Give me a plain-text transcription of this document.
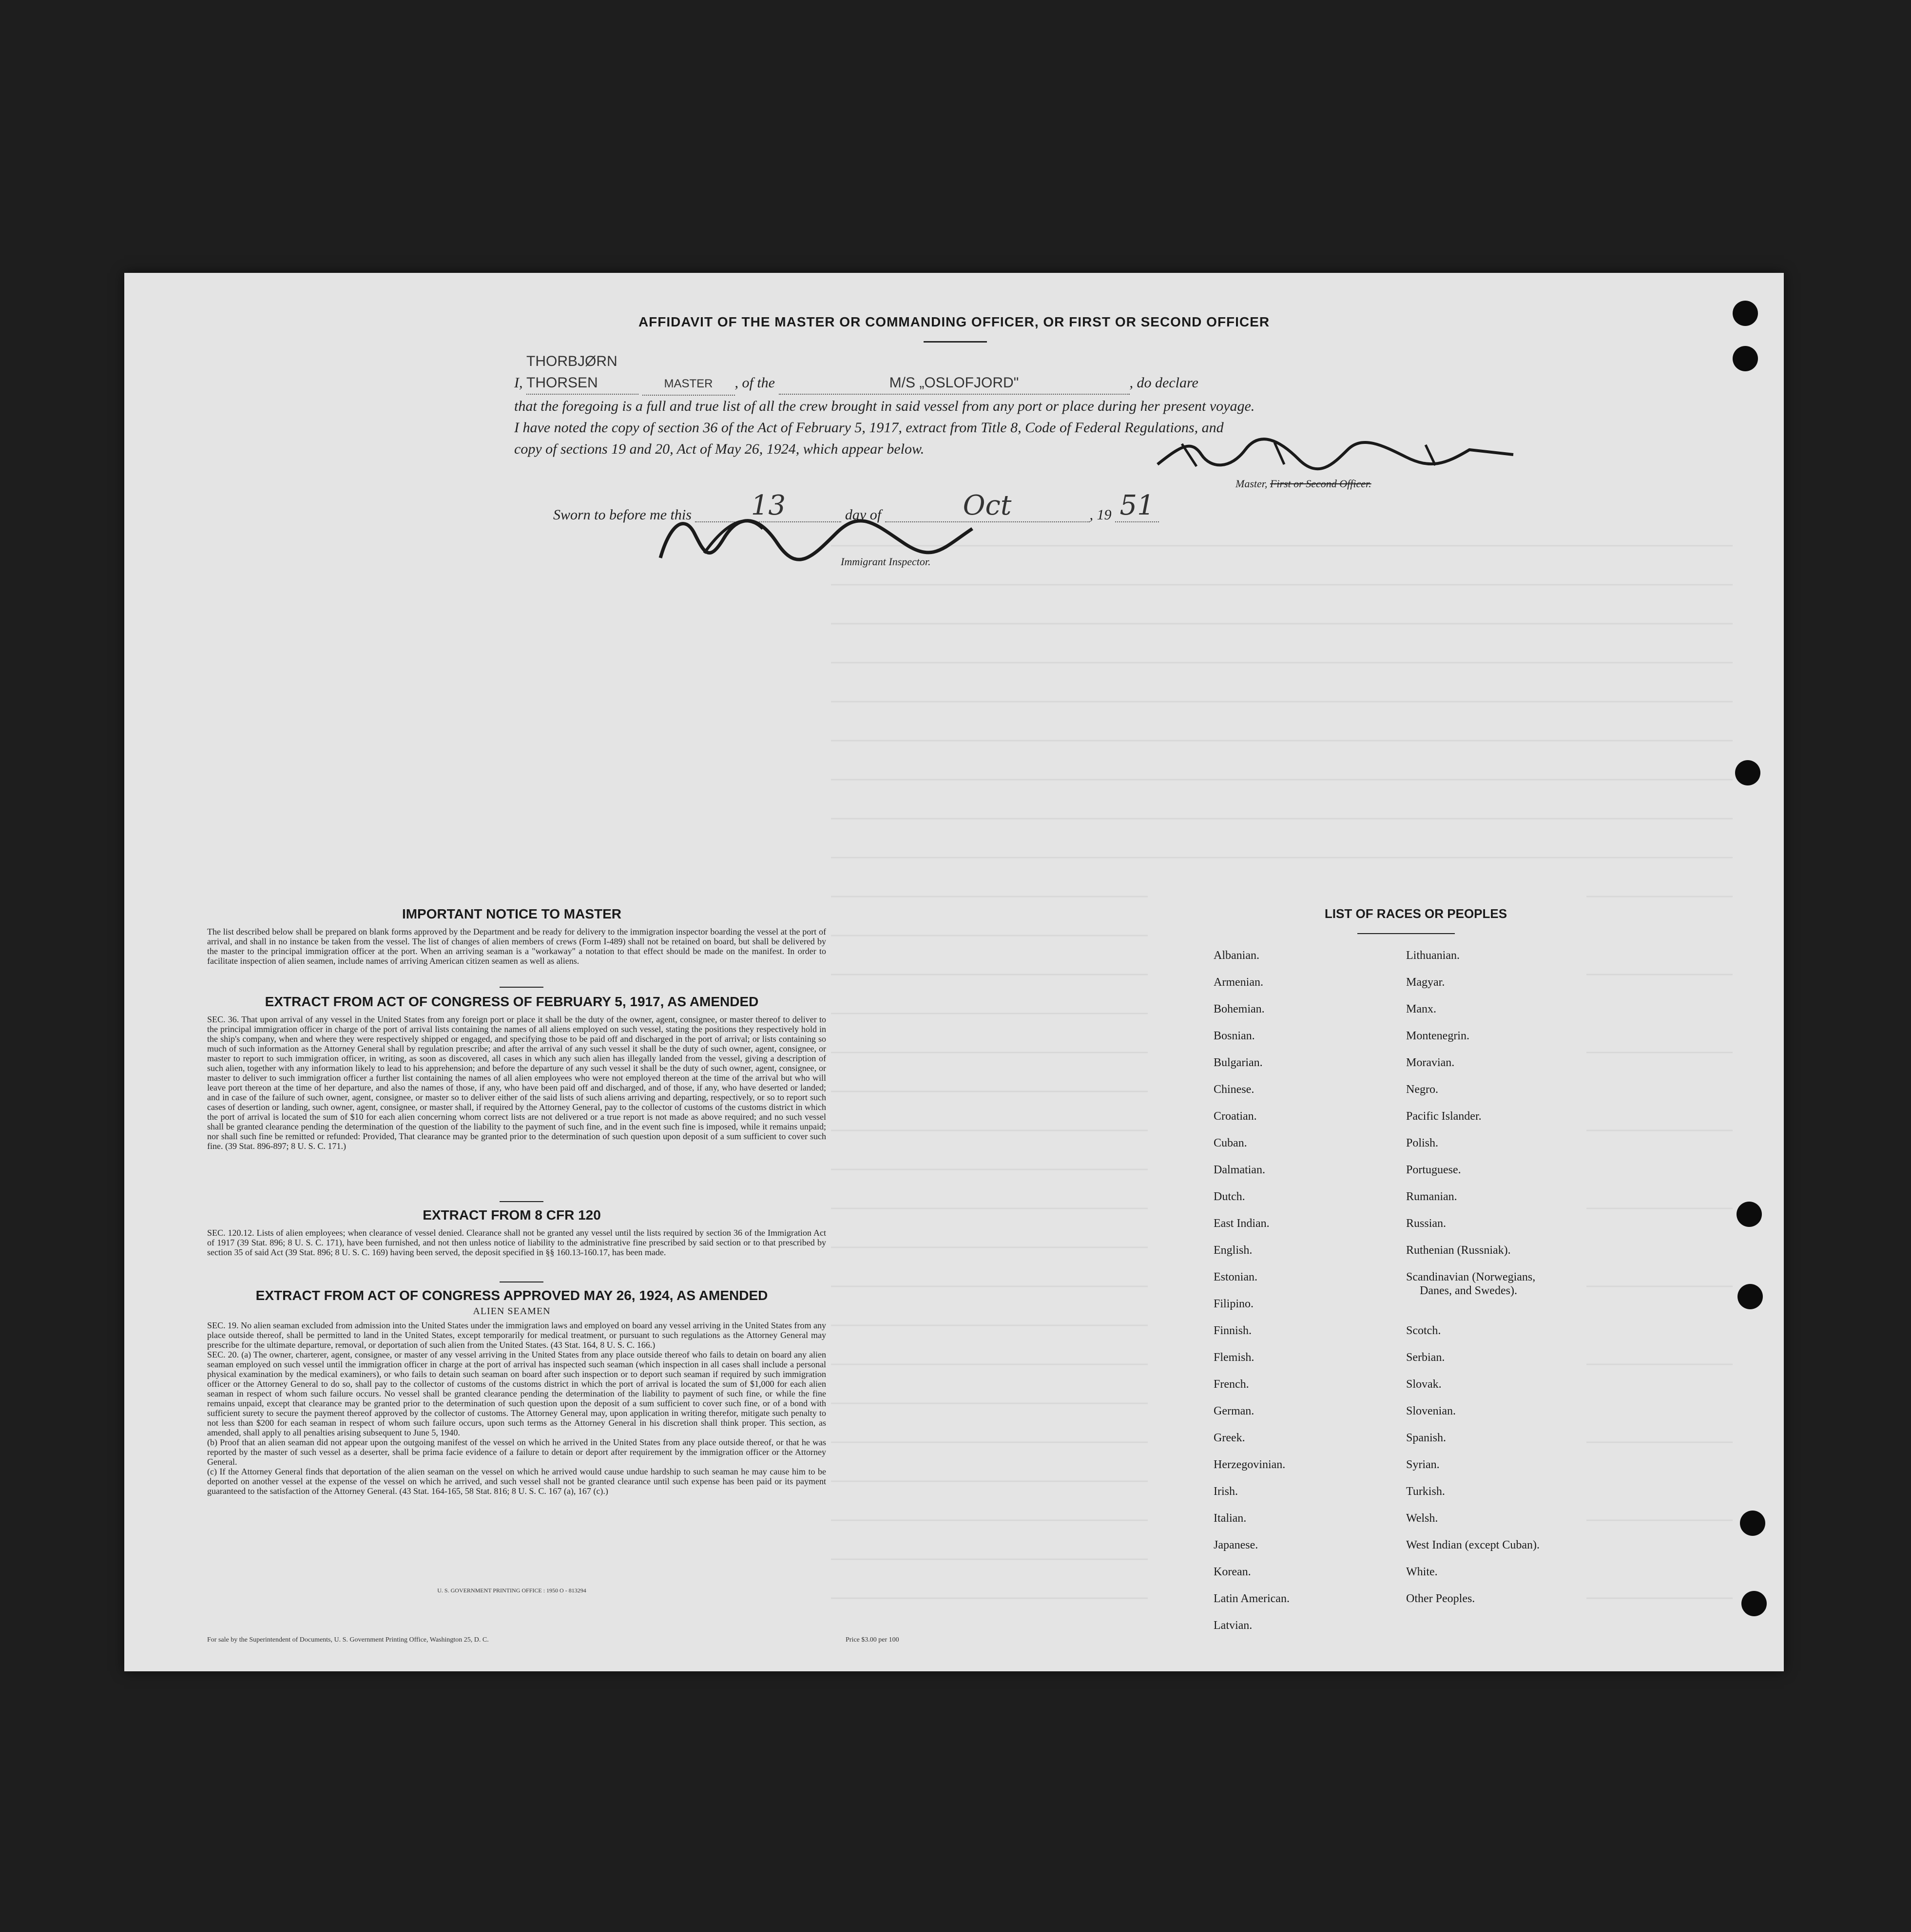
AFFIDAVIT OF THE MASTER OR COMMANDING OFFICER, OR FIRST OR SECOND OFFICER
I, THORBJØRN THORSEN	MASTER , of the	M/S „OSLOFJORD"	, do declare
that the foregoing is a full and true list of all the crew brought in said vessel from any port or place during her present voyage.
I have noted the copy of section 36 of the Act of February 5, 1917, extract from Title 8, Code of Federal Regulations, and
copy of sections 19 and 20, Act of May 26, 1924, which appear below.
Master, First or Second Officer.
Sworn to before me this 13	day of	Oct	, 19 51
Immigrant Inspector.
IMPORTANT NOTICE TO MASTER
The list described below shall be prepared on blank forms approved by the Department and be ready for delivery to the immigration inspector boarding the vessel at the port of arrival, and shall in no instance be taken from the vessel. The list of changes of alien members of crews (Form I-489) shall not be retained on board, but shall be delivered by the master to the principal immigration officer at the port. When an arriving seaman is a "workaway" a notation to that effect should be made on the manifest. In order to facilitate inspection of alien seamen, include names of arriving American citizen seamen as well as aliens.
EXTRACT FROM ACT OF CONGRESS OF FEBRUARY 5, 1917, AS AMENDED
SEC. 36. That upon arrival of any vessel in the United States from any foreign port or place it shall be the duty of the owner, agent, consignee, or master thereof to deliver to the principal immigration officer in charge of the port of arrival lists containing the names of all aliens employed on such vessel, stating the positions they respectively hold in the ship's company, when and where they were respectively shipped or engaged, and specifying those to be paid off and discharged in the port of arrival; or lists containing so much of such information as the Attorney General shall by regulation prescribe; and after the arrival of any such vessel it shall be the duty of such owner, agent, consignee, or master to report to such immigration officer, in writing, as soon as discovered, all cases in which any such alien has illegally landed from the vessel, giving a description of such alien, together with any information likely to lead to his apprehension; and before the departure of any such vessel it shall be the duty of such owner, agent, consignee, or master to deliver to such immigration officer a further list containing the names of all alien employees who were not employed thereon at the time of the arrival but who will leave port thereon at the time of her departure, and also the names of those, if any, who have been paid off and discharged, and of those, if any, who have deserted or landed; and in case of the failure of such owner, agent, consignee, or master so to deliver either of the said lists of such aliens arriving and departing, respectively, or so to report such cases of desertion or landing, such owner, agent, consignee, or master shall, if required by the Attorney General, pay to the collector of customs of the customs district in which the port of arrival is located the sum of $10 for each alien concerning whom correct lists are not delivered or a true report is not made as above required; and no such vessel shall be granted clearance pending the determination of the question of the liability to the payment of such fine, and in the event such fine is imposed, while it remains unpaid; nor shall such fine be remitted or refunded: Provided, That clearance may be granted prior to the determination of such question upon deposit of a sum sufficient to cover such fine. (39 Stat. 896-897; 8 U. S. C. 171.)
EXTRACT FROM 8 CFR 120
SEC. 120.12. Lists of alien employees; when clearance of vessel denied. Clearance shall not be granted any vessel until the lists required by section 36 of the Immigration Act of 1917 (39 Stat. 896; 8 U. S. C. 171), have been furnished, and not then unless notice of liability to the administrative fine prescribed by said section or to that prescribed by section 35 of said Act (39 Stat. 896; 8 U. S. C. 169) having been served, the deposit specified in §§ 160.13-160.17, has been made.
EXTRACT FROM ACT OF CONGRESS APPROVED MAY 26, 1924, AS AMENDED
ALIEN SEAMEN
SEC. 19. No alien seaman excluded from admission into the United States under the immigration laws and employed on board any vessel arriving in the United States from any place outside thereof, shall be permitted to land in the United States, except temporarily for medical treatment, or pursuant to such regulations as the Attorney General may prescribe for the ultimate departure, removal, or deportation of such alien from the United States. (43 Stat. 164, 8 U. S. C. 166.)
SEC. 20. (a) The owner, charterer, agent, consignee, or master of any vessel arriving in the United States from any place outside thereof who fails to detain on board any alien seaman employed on such vessel until the immigration officer in charge at the port of arrival has inspected such seaman (which inspection in all cases shall include a personal physical examination by the medical examiners), or who fails to detain such seaman on board after such inspection or to deport such seaman if required by such immigration officer or the Attorney General to do so, shall pay to the collector of customs of the customs district in which the port of arrival is located the sum of $1,000 for each alien seaman in respect of whom such failure occurs. No vessel shall be granted clearance pending the determination of the liability to payment of such fine, or while the fine remains unpaid, except that clearance may be granted prior to the determination of such question upon the deposit of a sum sufficient to cover such fine, or of a bond with sufficient surety to secure the payment thereof approved by the collector of customs. The Attorney General may, upon application in writing therefor, mitigate such penalty to not less than $200 for each seaman in respect of whom such failure occurs, upon such terms as the Attorney General in his discretion shall think proper. This section, as amended, shall apply to all penalties arising subsequent to June 5, 1940.
(b) Proof that an alien seaman did not appear upon the outgoing manifest of the vessel on which he arrived in the United States from any place outside thereof, or that he was reported by the master of such vessel as a deserter, shall be prima facie evidence of a failure to detain or deport after requirement by the immigration officer or the Attorney General.
(c) If the Attorney General finds that deportation of the alien seaman on the vessel on which he arrived would cause undue hardship to such seaman he may cause him to be deported on another vessel at the expense of the vessel on which he arrived, and such vessel shall not be granted clearance until such expense has been paid or its payment guaranteed to the satisfaction of the Attorney General. (43 Stat. 164-165, 58 Stat. 816; 8 U. S. C. 167 (a), 167 (c).)
U. S. GOVERNMENT PRINTING OFFICE : 1950 O - 813294
For sale by the Superintendent of Documents, U. S. Government Printing Office, Washington 25, D. C.	Price $3.00 per 100
LIST OF RACES OR PEOPLES
Albanian.
Armenian.
Bohemian.
Bosnian.
Bulgarian.
Chinese.
Croatian.
Cuban.
Dalmatian.
Dutch.
East Indian.
English.
Estonian.
Filipino.
Finnish.
Flemish.
French.
German.
Greek.
Herzegovinian.
Irish.
Italian.
Japanese.
Korean.
Latin American.
Latvian.
Lithuanian.
Magyar.
Manx.
Montenegrin.
Moravian.
Negro.
Pacific Islander.
Polish.
Portuguese.
Rumanian.
Russian.
Ruthenian (Russniak).
Scandinavian (Norwegians,
Danes, and Swedes).
Scotch.
Serbian.
Slovak.
Slovenian.
Spanish.
Syrian.
Turkish.
Welsh.
West Indian (except Cuban).
White.
Other Peoples.
